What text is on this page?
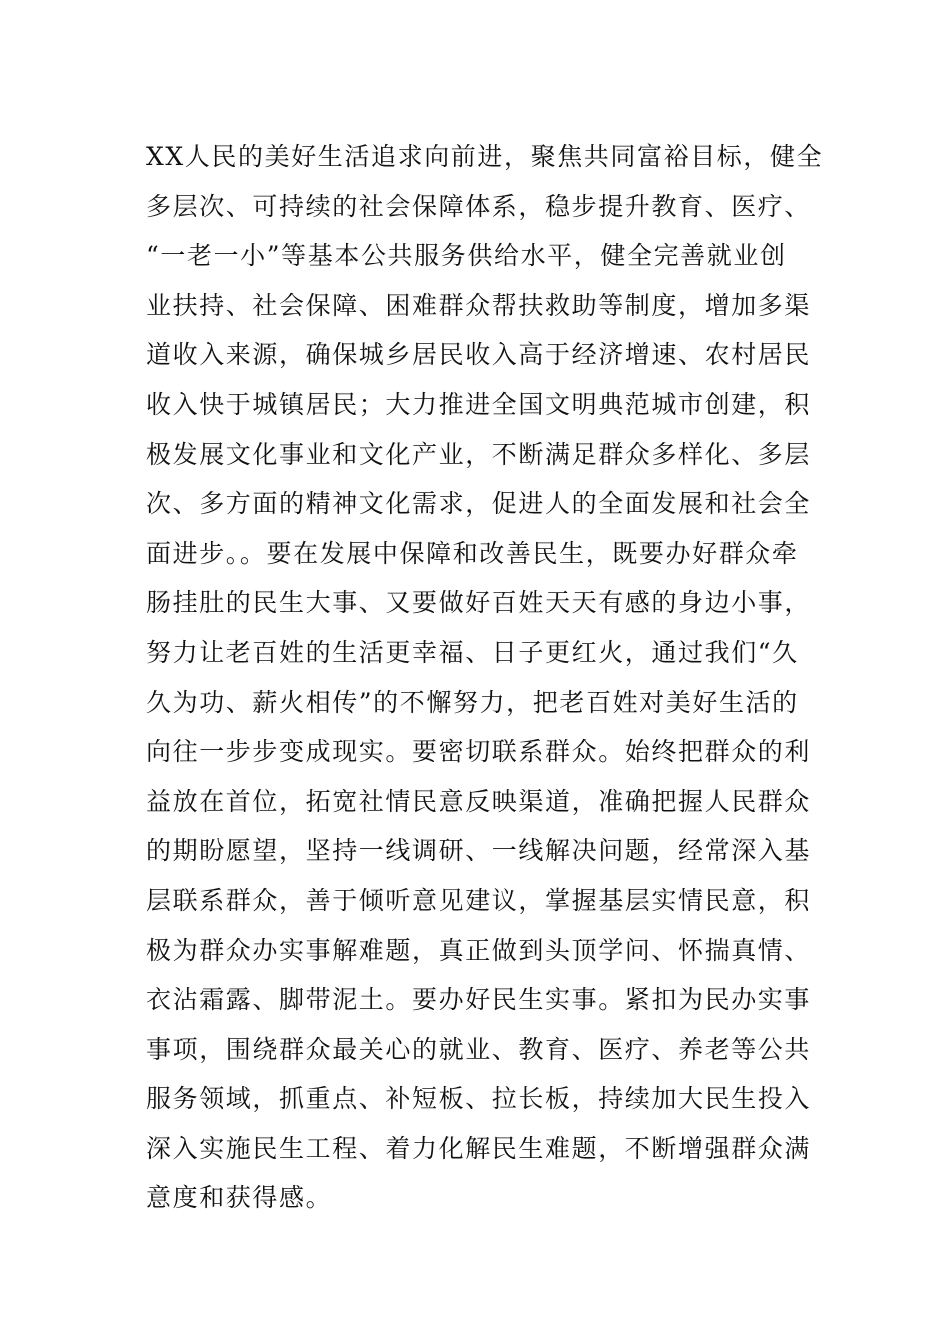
XX人民的美好生活追求向前进，聚焦共同富裕目标，健全
多层次、可持续的社会保障体系，稳步提升教育、医疗、
“一老一小”等基本公共服务供给水平，健全完善就业创
业扶持、社会保障、困难群众帮扶救助等制度，增加多渠
道收入来源，确保城乡居民收入高于经济增速、农村居民
收入快于城镇居民；大力推进全国文明典范城市创建，积
极发展文化事业和文化产业，不断满足群众多样化、多层
次、多方面的精神文化需求，促进人的全面发展和社会全
面进步。。要在发展中保障和改善民生，既要办好群众牵
肠挂肚的民生大事、又要做好百姓天天有感的身边小事，
努力让老百姓的生活更幸福、日子更红火，通过我们“久
久为功、薪火相传”的不懈努力，把老百姓对美好生活的
向往一步步变成现实。要密切联系群众。始终把群众的利
益放在首位，拓宽社情民意反映渠道，准确把握人民群众
的期盼愿望，坚持一线调研、一线解决问题，经常深入基
层联系群众，善于倾听意见建议，掌握基层实情民意，积
极为群众办实事解难题，真正做到头顶学问、怀揣真情、
衣沾霜露、脚带泥土。要办好民生实事。紧扣为民办实事
事项，围绕群众最关心的就业、教育、医疗、养老等公共
服务领域，抓重点、补短板、拉长板，持续加大民生投入
深入实施民生工程、着力化解民生难题，不断增强群众满
意度和获得感。
